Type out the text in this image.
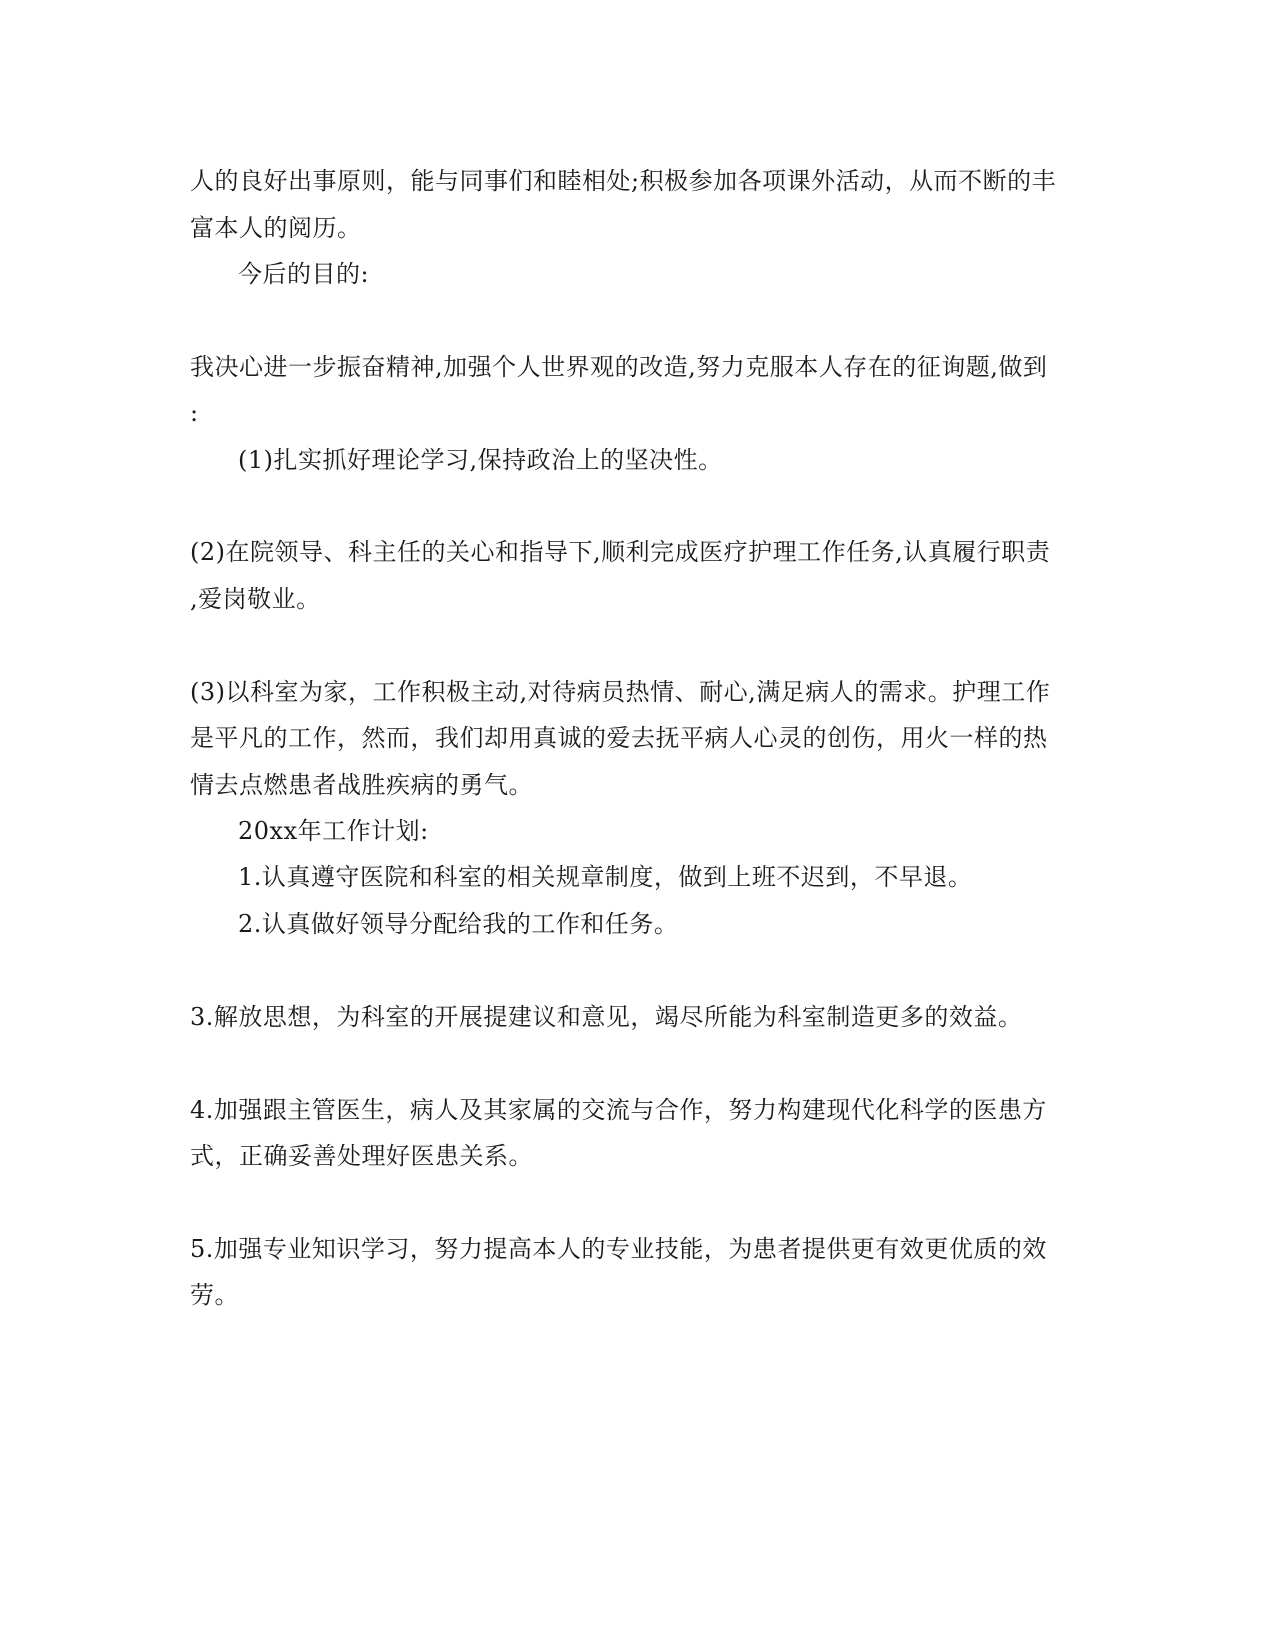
人的良好出事原则，能与同事们和睦相处;积极参加各项课外活动，从而不断的丰
富本人的阅历。
今后的目的:
我决心进一步振奋精神,加强个人世界观的改造,努力克服本人存在的征询题,做到
:
(1)扎实抓好理论学习,保持政治上的坚决性。
(2)在院领导、科主任的关心和指导下,顺利完成医疗护理工作任务,认真履行职责
,爱岗敬业。
(3)以科室为家，工作积极主动,对待病员热情、耐心,满足病人的需求。护理工作
是平凡的工作，然而，我们却用真诚的爱去抚平病人心灵的创伤，用火一样的热
情去点燃患者战胜疾病的勇气。
20xx年工作计划:
1.认真遵守医院和科室的相关规章制度，做到上班不迟到，不早退。
2.认真做好领导分配给我的工作和任务。
3.解放思想，为科室的开展提建议和意见，竭尽所能为科室制造更多的效益。
4.加强跟主管医生，病人及其家属的交流与合作，努力构建现代化科学的医患方
式，正确妥善处理好医患关系。
5.加强专业知识学习，努力提高本人的专业技能，为患者提供更有效更优质的效
劳。
